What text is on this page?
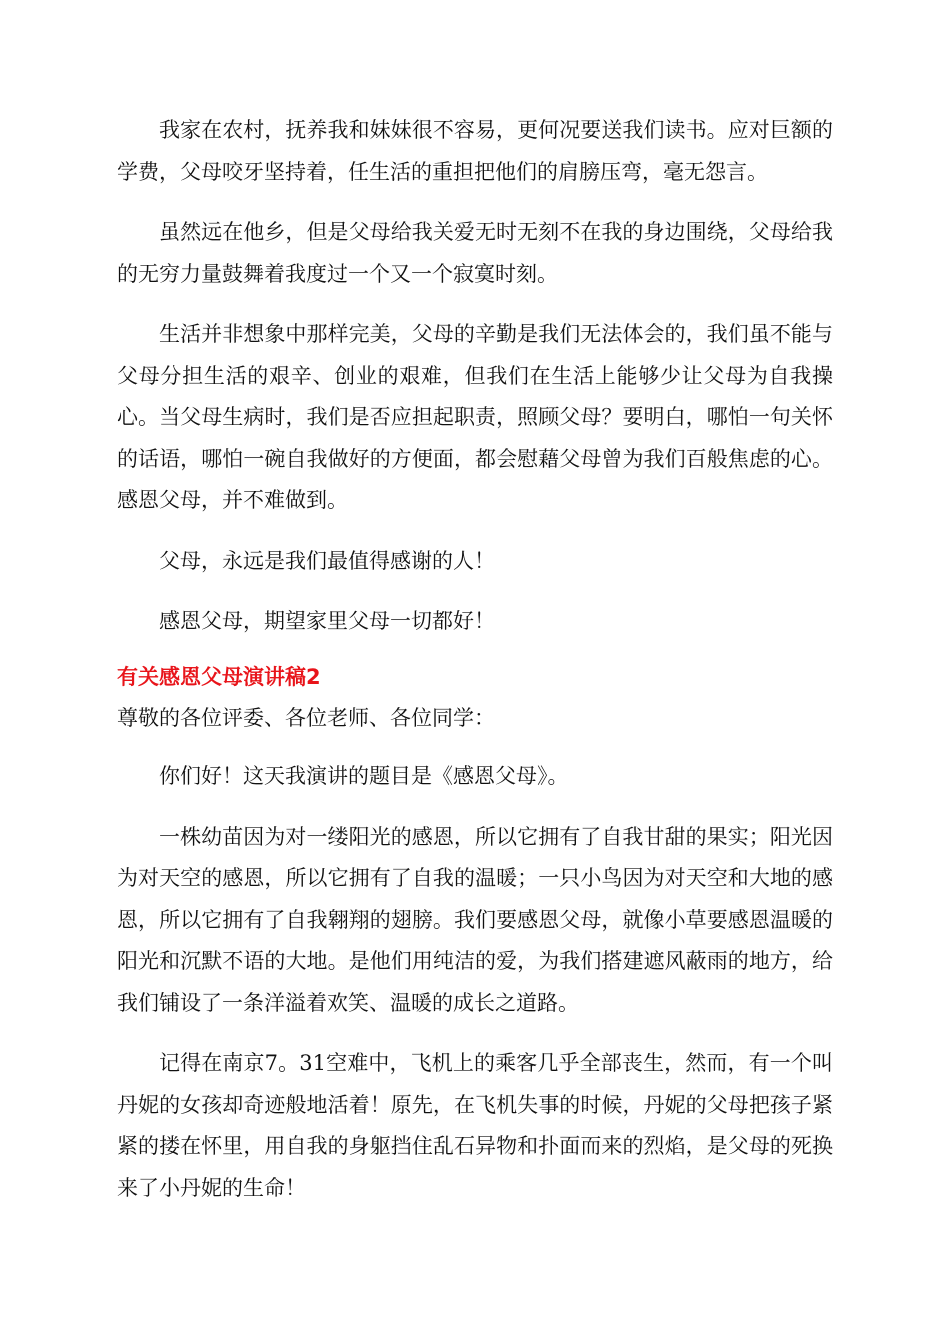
我家在农村，抚养我和妹妹很不容易，更何况要送我们读书。应对巨额的学费，父母咬牙坚持着，任生活的重担把他们的肩膀压弯，毫无怨言。

虽然远在他乡，但是父母给我关爱无时无刻不在我的身边围绕，父母给我的无穷力量鼓舞着我度过一个又一个寂寞时刻。

生活并非想象中那样完美，父母的辛勤是我们无法体会的，我们虽不能与父母分担生活的艰辛、创业的艰难，但我们在生活上能够少让父母为自我操心。当父母生病时，我们是否应担起职责，照顾父母？要明白，哪怕一句关怀的话语，哪怕一碗自我做好的方便面，都会慰藉父母曾为我们百般焦虑的心。感恩父母，并不难做到。

父母，永远是我们最值得感谢的人！

感恩父母，期望家里父母一切都好！

有关感恩父母演讲稿2

尊敬的各位评委、各位老师、各位同学：

你们好！这天我演讲的题目是《感恩父母》。

一株幼苗因为对一缕阳光的感恩，所以它拥有了自我甘甜的果实；阳光因为对天空的感恩，所以它拥有了自我的温暖；一只小鸟因为对天空和大地的感恩，所以它拥有了自我翱翔的翅膀。我们要感恩父母，就像小草要感恩温暖的阳光和沉默不语的大地。是他们用纯洁的爱，为我们搭建遮风蔽雨的地方，给我们铺设了一条洋溢着欢笑、温暖的成长之道路。

记得在南京7。31空难中，飞机上的乘客几乎全部丧生，然而，有一个叫丹妮的女孩却奇迹般地活着！原先，在飞机失事的时候，丹妮的父母把孩子紧紧的搂在怀里，用自我的身躯挡住乱石异物和扑面而来的烈焰，是父母的死换来了小丹妮的生命！
